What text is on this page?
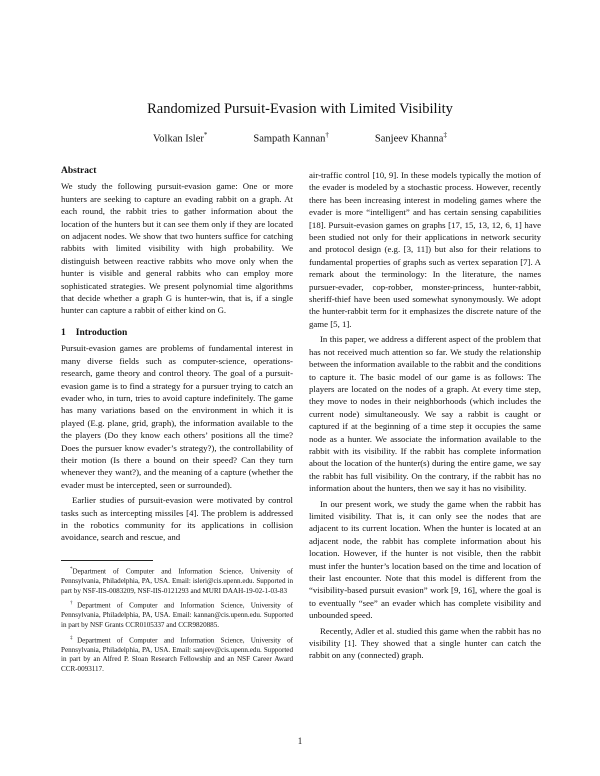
Randomized Pursuit-Evasion with Limited Visibility
Volkan Isler*	Sampath Kannan†	Sanjeev Khanna‡
Abstract

We study the following pursuit-evasion game: One or more hunters are seeking to capture an evading rabbit on a graph. At each round, the rabbit tries to gather information about the location of the hunters but it can see them only if they are located on adjacent nodes. We show that two hunters suffice for catching rabbits with limited visibility with high probability. We distinguish between reactive rabbits who move only when the hunter is visible and general rabbits who can employ more sophisticated strategies. We present polynomial time algorithms that decide whether a graph G is hunter-win, that is, if a single hunter can capture a rabbit of either kind on G.

1 Introduction

Pursuit-evasion games are problems of fundamental interest in many diverse fields such as computer-science, operations-research, game theory and control theory. The goal of a pursuit-evasion game is to find a strategy for a pursuer trying to catch an evader who, in turn, tries to avoid capture indefinitely. The game has many variations based on the environment in which it is played (E.g. plane, grid, graph), the information available to the the players (Do they know each others’ positions all the time? Does the pursuer know evader’s strategy?), the controllability of their motion (Is there a bound on their speed? Can they turn whenever they want?), and the meaning of a capture (whether the evader must be intercepted, seen or surrounded).

Earlier studies of pursuit-evasion were motivated by control tasks such as intercepting missiles [4]. The problem is addressed in the robotics community for its applications in collision avoidance, search and rescue, and

*Department of Computer and Information Science, University of Pennsylvania, Philadelphia, PA, USA. Email: isleri@cis.upenn.edu. Supported in part by NSF-IIS-0083209, NSF-IIS-0121293 and MURI DAAH-19-02-1-03-83

†Department of Computer and Information Science, University of Pennsylvania, Philadelphia, PA, USA. Email: kannan@cis.upenn.edu. Supported in part by NSF Grants CCR0105337 and CCR9820885.

‡Department of Computer and Information Science, University of Pennsylvania, Philadelphia, PA, USA. Email: sanjeev@cis.upenn.edu. Supported in part by an Alfred P. Sloan Research Fellowship and an NSF Career Award CCR-0093117.

air-traffic control [10, 9]. In these models typically the motion of the evader is modeled by a stochastic process. However, recently there has been increasing interest in modeling games where the evader is more “intelligent” and has certain sensing capabilities [18]. Pursuit-evasion games on graphs [17, 15, 13, 12, 6, 1] have been studied not only for their applications in network security and protocol design (e.g. [3, 11]) but also for their relations to fundamental properties of graphs such as vertex separation [7]. A remark about the terminology: In the literature, the names pursuer-evader, cop-robber, monster-princess, hunter-rabbit, sheriff-thief have been used somewhat synonymously. We adopt the hunter-rabbit term for it emphasizes the discrete nature of the game [5, 1].

In this paper, we address a different aspect of the problem that has not received much attention so far. We study the relationship between the information available to the rabbit and the conditions to capture it. The basic model of our game is as follows: The players are located on the nodes of a graph. At every time step, they move to nodes in their neighborhoods (which includes the current node) simultaneously. We say a rabbit is caught or captured if at the beginning of a time step it occupies the same node as a hunter. We associate the information available to the rabbit with its visibility. If the rabbit has complete information about the location of the hunter(s) during the entire game, we say the rabbit has full visibility. On the contrary, if the rabbit has no information about the hunters, then we say it has no visibility.

In our present work, we study the game when the rabbit has limited visibility. That is, it can only see the nodes that are adjacent to its current location. When the hunter is located at an adjacent node, the rabbit has complete information about his location. However, if the hunter is not visible, then the rabbit must infer the hunter’s location based on the time and location of their last encounter. Note that this model is different from the “visibility-based pursuit evasion” work [9, 16], where the goal is to eventually “see” an evader which has complete visibility and unbounded speed.

Recently, Adler et al. studied this game when the rabbit has no visibility [1]. They showed that a single hunter can catch the rabbit on any (connected) graph.

1
